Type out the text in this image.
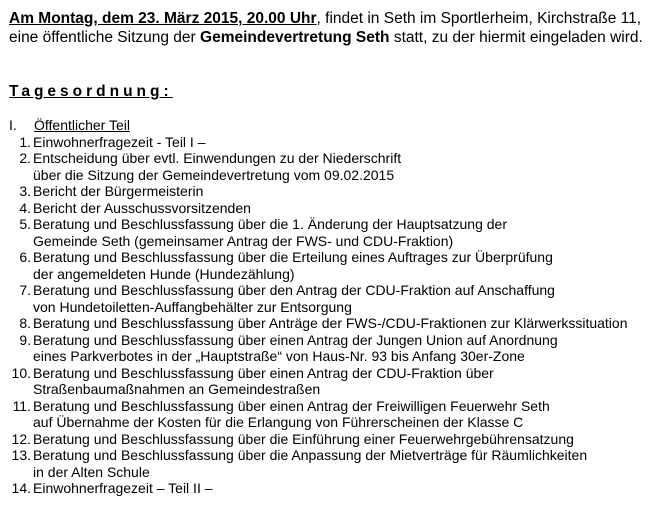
Am Montag, dem 23. März 2015, 20.00 Uhr, findet in Seth im Sportlerheim, Kirchstraße 11, eine öffentliche Sitzung der Gemeindevertretung Seth statt, zu der hiermit eingeladen wird.

Tagesordnung:
I. Öffentlicher Teil
1. Einwohnerfragezeit - Teil I –
2. Entscheidung über evtl. Einwendungen zu der Niederschrift
über die Sitzung der Gemeindevertretung vom 09.02.2015
3. Bericht der Bürgermeisterin
4. Bericht der Ausschussvorsitzenden
5. Beratung und Beschlussfassung über die 1. Änderung der Hauptsatzung der
Gemeinde Seth (gemeinsamer Antrag der FWS- und CDU-Fraktion)
6. Beratung und Beschlussfassung über die Erteilung eines Auftrages zur Überprüfung
der angemeldeten Hunde (Hundezählung)
7. Beratung und Beschlussfassung über den Antrag der CDU-Fraktion auf Anschaffung
von Hundetoiletten-Auffangbehälter zur Entsorgung
8. Beratung und Beschlussfassung über Anträge der FWS-/CDU-Fraktionen zur Klärwerkssituation
9. Beratung und Beschlussfassung über einen Antrag der Jungen Union auf Anordnung
eines Parkverbotes in der „Hauptstraße“ von Haus-Nr. 93 bis Anfang 30er-Zone
10. Beratung und Beschlussfassung über einen Antrag der CDU-Fraktion über
Straßenbaumaßnahmen an Gemeindestraßen
11. Beratung und Beschlussfassung über einen Antrag der Freiwilligen Feuerwehr Seth
auf Übernahme der Kosten für die Erlangung von Führerscheinen der Klasse C
12. Beratung und Beschlussfassung über die Einführung einer Feuerwehrgebührensatzung
13. Beratung und Beschlussfassung über die Anpassung der Mietverträge für Räumlichkeiten
in der Alten Schule
14. Einwohnerfragezeit – Teil II –
